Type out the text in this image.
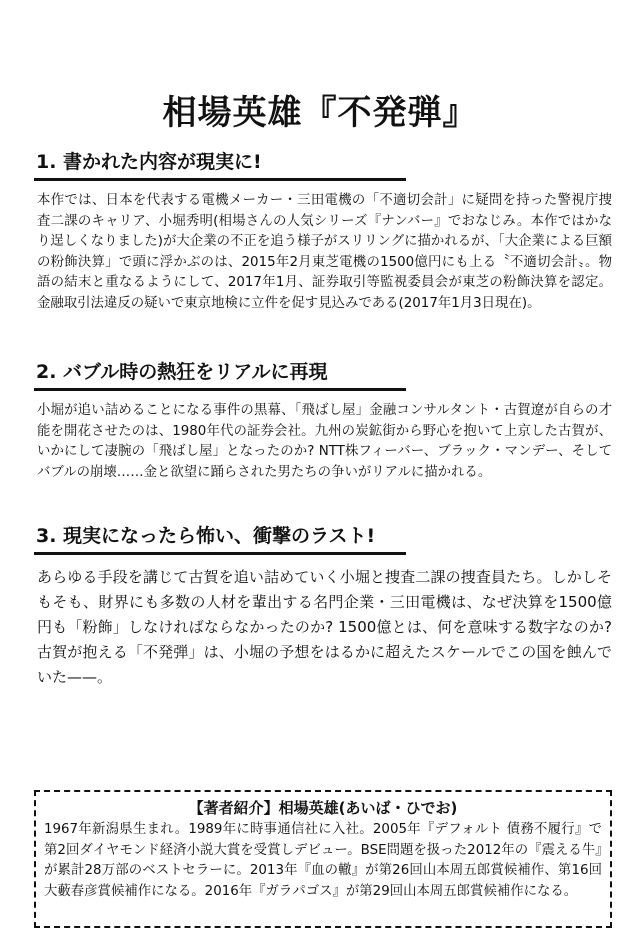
相場英雄『不発弾』
1. 書かれた内容が現実に!

本作では、日本を代表する電機メーカー・三田電機の「不適切会計」に疑問を持った警視庁捜査二課のキャリア、小堀秀明(相場さんの人気シリーズ『ナンバー』でおなじみ。本作ではかなり逞しくなりました)が大企業の不正を追う様子がスリリングに描かれるが、「大企業による巨額の粉飾決算」で頭に浮かぶのは、2015年2月東芝電機の1500億円にも上る〝不適切会計〟。物語の結末と重なるようにして、2017年1月、証券取引等監視委員会が東芝の粉飾決算を認定。金融取引法違反の疑いで東京地検に立件を促す見込みである(2017年1月3日現在)。

2. バブル時の熱狂をリアルに再現

小堀が追い詰めることになる事件の黒幕、「飛ばし屋」金融コンサルタント・古賀遼が自らの才能を開花させたのは、1980年代の証券会社。九州の炭鉱街から野心を抱いて上京した古賀が、いかにして凄腕の「飛ばし屋」となったのか? NTT株フィーバー、ブラック・マンデー、そしてバブルの崩壊……金と欲望に踊らされた男たちの争いがリアルに描かれる。

3. 現実になったら怖い、衝撃のラスト!

あらゆる手段を講じて古賀を追い詰めていく小堀と捜査二課の捜査員たち。しかしそもそも、財界にも多数の人材を輩出する名門企業・三田電機は、なぜ決算を1500億円も「粉飾」しなければならなかったのか? 1500億とは、何を意味する数字なのか? 古賀が抱える「不発弾」は、小堀の予想をはるかに超えたスケールでこの国を蝕んでいた——。

【著者紹介】相場英雄(あいば・ひでお)

1967年新潟県生まれ。1989年に時事通信社に入社。2005年『デフォルト 債務不履行』で第2回ダイヤモンド経済小説大賞を受賞しデビュー。BSE問題を扱った2012年の『震える牛』が累計28万部のベストセラーに。2013年『血の轍』が第26回山本周五郎賞候補作、第16回大藪春彦賞候補作になる。2016年『ガラパゴス』が第29回山本周五郎賞候補作になる。
